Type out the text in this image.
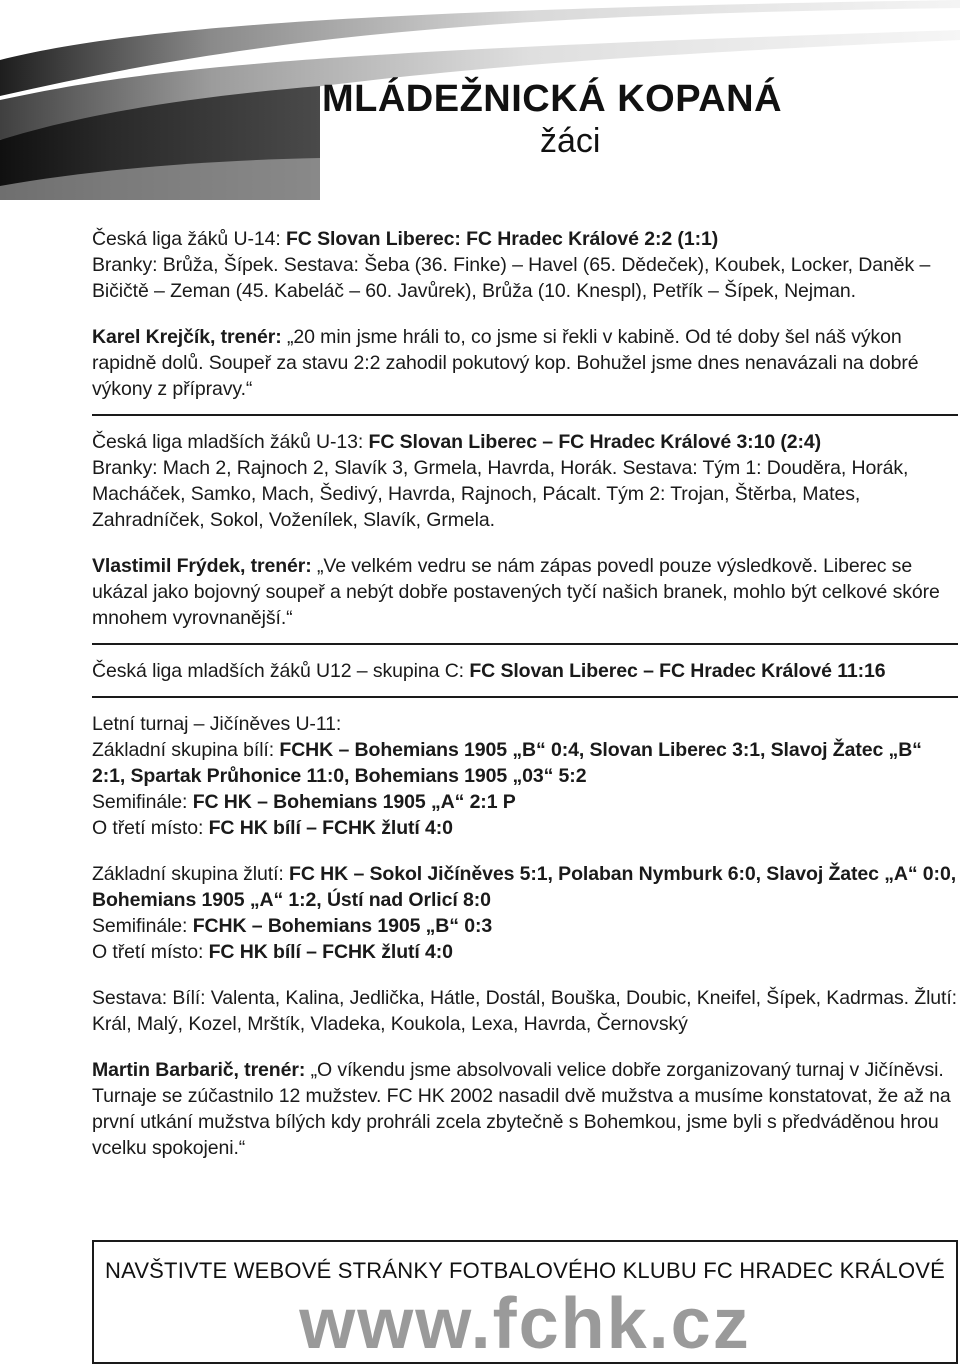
MLÁDEŽNICKÁ KOPANÁ
žáci

Česká liga žáků U-14: FC Slovan Liberec: FC Hradec Králové 2:2 (1:1)

Branky: Brůža, Šípek. Sestava: Šeba (36. Finke) – Havel (65. Dědeček), Koubek, Locker, Daněk – Bičičtě – Zeman (45. Kabeláč – 60. Javůrek), Brůža (10. Knespl), Petřík – Šípek, Nejman.

Karel Krejčík, trenér: „20 min jsme hráli to, co jsme si řekli v kabině. Od té doby šel náš výkon rapidně dolů. Soupeř za stavu 2:2 zahodil pokutový kop. Bohužel jsme dnes nenavázali na dobré výkony z přípravy.“

Česká liga mladších žáků U-13: FC Slovan Liberec – FC Hradec Králové 3:10 (2:4)

Branky: Mach 2, Rajnoch 2, Slavík 3, Grmela, Havrda, Horák. Sestava: Tým 1: Douděra, Horák, Macháček, Samko, Mach, Šedivý, Havrda, Rajnoch, Pácalt. Tým 2: Trojan, Štěrba, Mates, Zahradníček, Sokol, Voženílek, Slavík, Grmela.

Vlastimil Frýdek, trenér: „Ve velkém vedru se nám zápas povedl pouze výsledkově. Liberec se ukázal jako bojovný soupeř a nebýt dobře postavených tyčí našich branek, mohlo být celkové skóre mnohem vyrovnanější.“

Česká liga mladších žáků U12 – skupina C: FC Slovan Liberec – FC Hradec Králové 11:16

Letní turnaj – Jičíněves U-11:

Základní skupina bílí: FCHK – Bohemians 1905 „B“ 0:4, Slovan Liberec 3:1, Slavoj Žatec „B“ 2:1, Spartak Průhonice 11:0, Bohemians 1905 „03“ 5:2

Semifinále: FC HK – Bohemians 1905 „A“ 2:1 P

O třetí místo: FC HK bílí – FCHK žlutí 4:0

Základní skupina žlutí: FC HK – Sokol Jičíněves 5:1, Polaban Nymburk 6:0, Slavoj Žatec „A“ 0:0, Bohemians 1905 „A“ 1:2, Ústí nad Orlicí 8:0

Semifinále: FCHK – Bohemians 1905 „B“ 0:3

O třetí místo: FC HK bílí – FCHK žlutí 4:0

Sestava: Bílí: Valenta, Kalina, Jedlička, Hátle, Dostál, Bouška, Doubic, Kneifel, Šípek, Kadrmas. Žlutí: Král, Malý, Kozel, Mrštík, Vladeka, Koukola, Lexa, Havrda, Černovský

Martin Barbarič, trenér: „O víkendu jsme absolvovali velice dobře zorganizovaný turnaj v Jičíněvsi. Turnaje se zúčastnilo 12 mužstev. FC HK 2002 nasadil dvě mužstva a musíme konstatovat, že až na první utkání mužstva bílých kdy prohráli zcela zbytečně s Bohemkou, jsme byli s předváděnou hrou vcelku spokojeni.“

NAVŠTIVTE WEBOVÉ STRÁNKY FOTBALOVÉHO KLUBU FC HRADEC KRÁLOVÉ
www.fchk.cz
